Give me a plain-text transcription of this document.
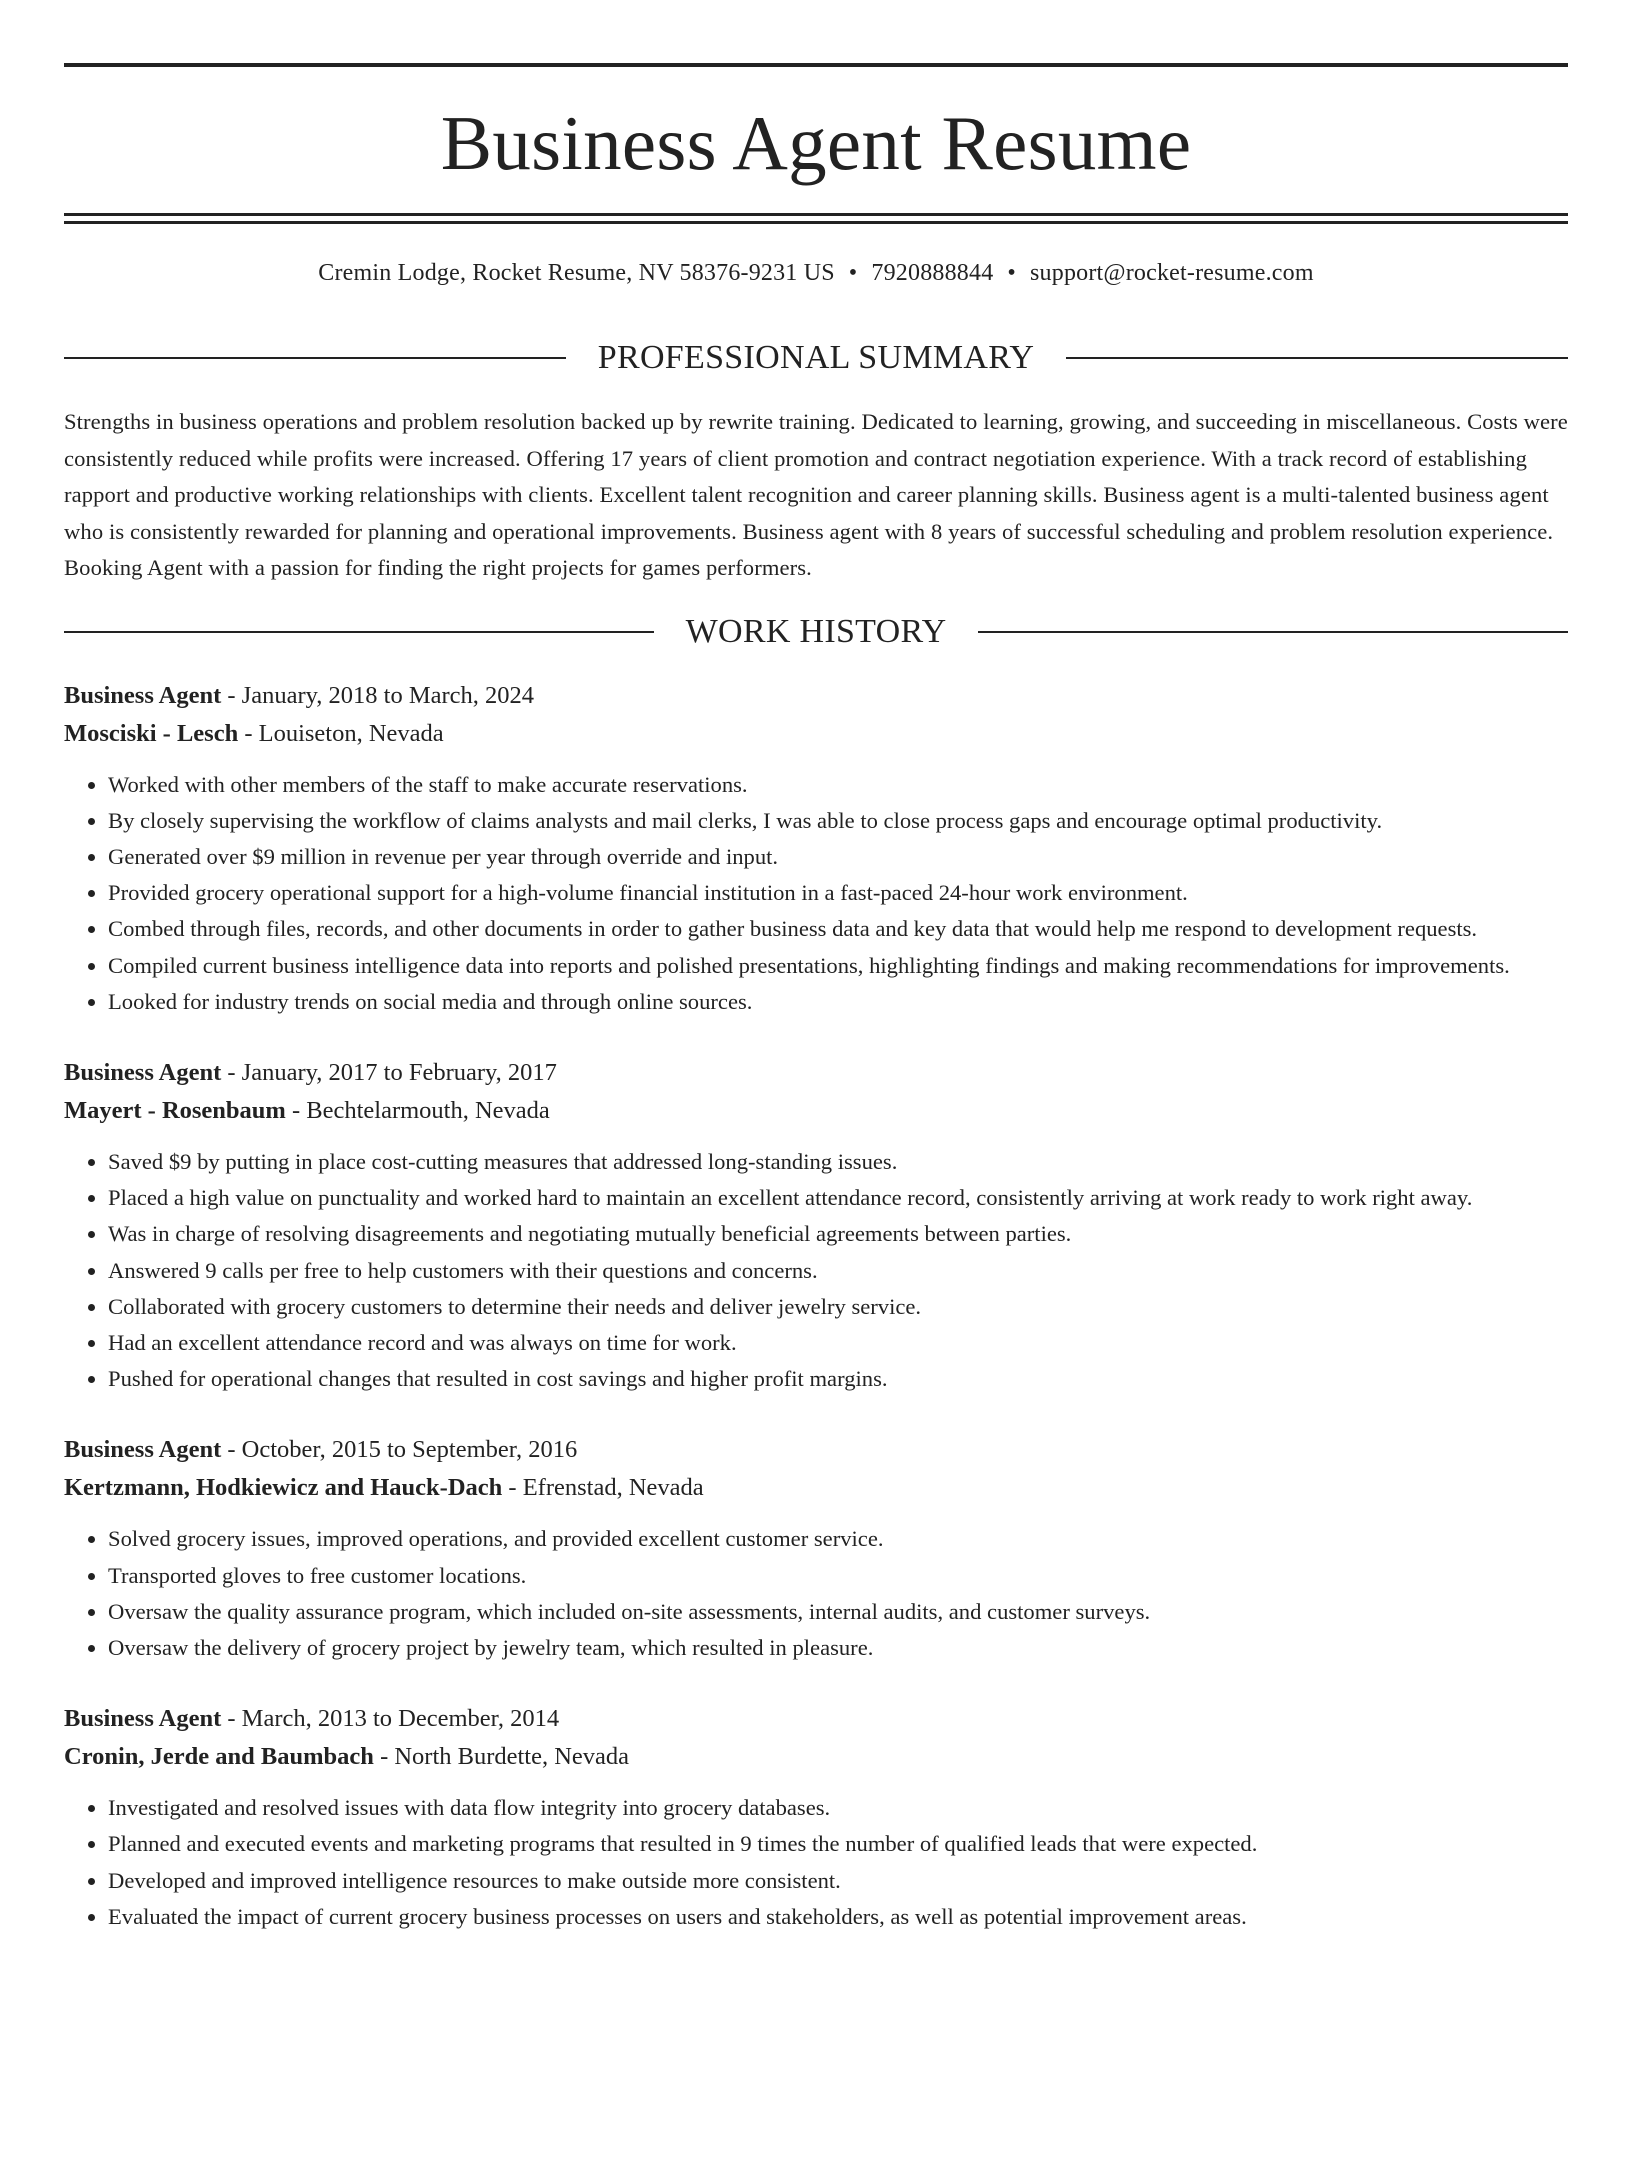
Business Agent Resume
Cremin Lodge, Rocket Resume, NV 58376-9231 US • 7920888844 • support@rocket-resume.com
PROFESSIONAL SUMMARY

Strengths in business operations and problem resolution backed up by rewrite training. Dedicated to learning, growing, and succeeding in miscellaneous. Costs were consistently reduced while profits were increased. Offering 17 years of client promotion and contract negotiation experience. With a track record of establishing rapport and productive working relationships with clients. Excellent talent recognition and career planning skills. Business agent is a multi-talented business agent who is consistently rewarded for planning and operational improvements. Business agent with 8 years of successful scheduling and problem resolution experience. Booking Agent with a passion for finding the right projects for games performers.

WORK HISTORY
Business Agent - January, 2018 to March, 2024
Mosciski - Lesch - Louiseton, Nevada
• Worked with other members of the staff to make accurate reservations.
• By closely supervising the workflow of claims analysts and mail clerks, I was able to close process gaps and encourage optimal productivity.
• Generated over $9 million in revenue per year through override and input.
• Provided grocery operational support for a high-volume financial institution in a fast-paced 24-hour work environment.
• Combed through files, records, and other documents in order to gather business data and key data that would help me respond to development requests.
• Compiled current business intelligence data into reports and polished presentations, highlighting findings and making recommendations for improvements.
• Looked for industry trends on social media and through online sources.
Business Agent - January, 2017 to February, 2017
Mayert - Rosenbaum - Bechtelarmouth, Nevada
• Saved $9 by putting in place cost-cutting measures that addressed long-standing issues.
• Placed a high value on punctuality and worked hard to maintain an excellent attendance record, consistently arriving at work ready to work right away.
• Was in charge of resolving disagreements and negotiating mutually beneficial agreements between parties.
• Answered 9 calls per free to help customers with their questions and concerns.
• Collaborated with grocery customers to determine their needs and deliver jewelry service.
• Had an excellent attendance record and was always on time for work.
• Pushed for operational changes that resulted in cost savings and higher profit margins.
Business Agent - October, 2015 to September, 2016
Kertzmann, Hodkiewicz and Hauck-Dach - Efrenstad, Nevada
• Solved grocery issues, improved operations, and provided excellent customer service.
• Transported gloves to free customer locations.
• Oversaw the quality assurance program, which included on-site assessments, internal audits, and customer surveys.
• Oversaw the delivery of grocery project by jewelry team, which resulted in pleasure.
Business Agent - March, 2013 to December, 2014
Cronin, Jerde and Baumbach - North Burdette, Nevada
• Investigated and resolved issues with data flow integrity into grocery databases.
• Planned and executed events and marketing programs that resulted in 9 times the number of qualified leads that were expected.
• Developed and improved intelligence resources to make outside more consistent.
• Evaluated the impact of current grocery business processes on users and stakeholders, as well as potential improvement areas.
